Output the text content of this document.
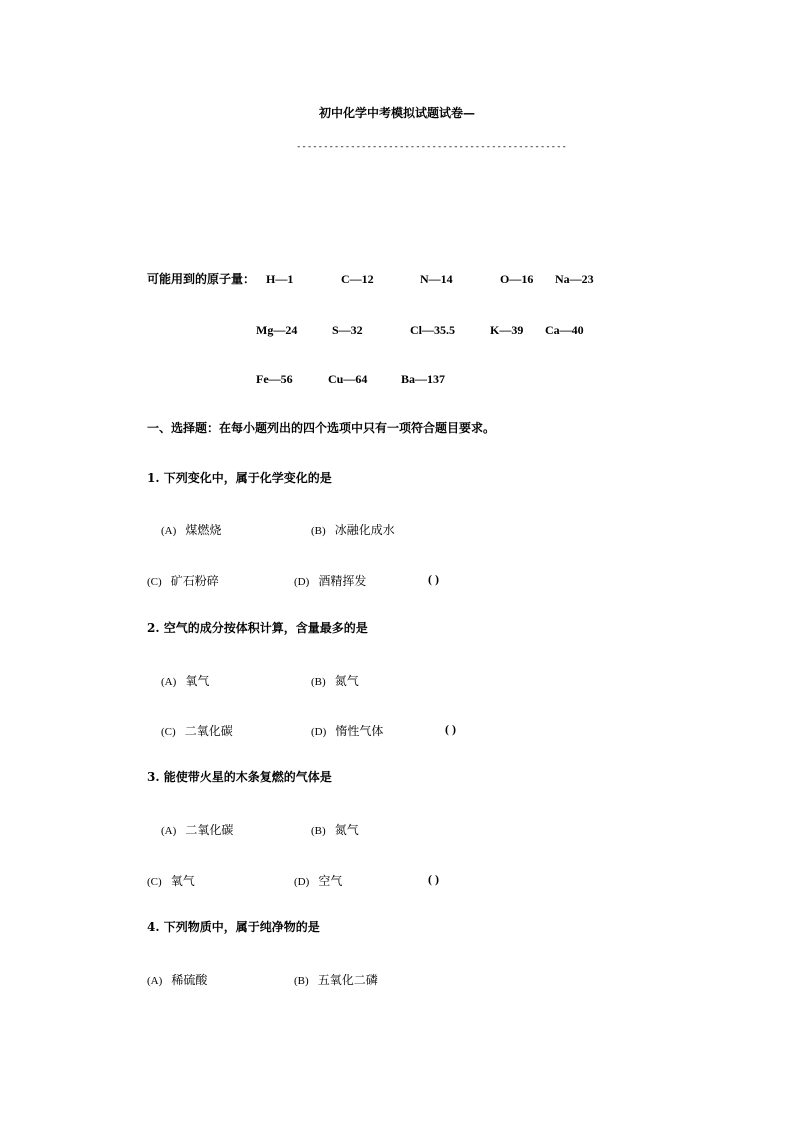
初中化学中考模拟试题试卷—
--------------------------------------------------
可能用到的原子量： H—1	C—12	N—14	O—16 Na—23
Mg—24	S—32	Cl—35.5	K—39 Ca—40
Fe—56	Cu—64	Ba—137
一、选择题：在每小题列出的四个选项中只有一项符合题目要求。
1. 下列变化中，属于化学变化的是
(A) 煤燃烧	(B) 冰融化成水
(C) 矿石粉碎	(D) 酒精挥发	( )
2. 空气的成分按体积计算，含量最多的是
(A) 氧气	(B) 氮气
(C) 二氧化碳	(D) 惰性气体	( )
3. 能使带火星的木条复燃的气体是
(A) 二氧化碳	(B) 氮气
(C) 氧气	(D) 空气	( )
4. 下列物质中，属于纯净物的是
(A) 稀硫酸	(B) 五氧化二磷
